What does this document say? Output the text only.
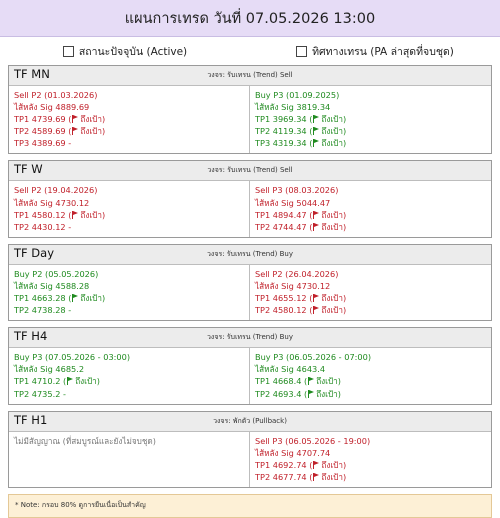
แผนการเทรด วันที่ 07.05.2026 13:00
สถานะปัจจุบัน (Active)	ทิศทางเทรน (PA ล่าสุดที่จบชุด)
TF MN	วงจร: รับเทรน (Trend) Sell
Sell P2 (01.03.2026)
ไส้หลัง Sig 4889.69
TP1 4739.69 ( ถึงเป้า)
TP2 4589.69 ( ถึงเป้า)
TP3 4389.69 -
Buy P3 (01.09.2025)
ไส้หลัง Sig 3819.34
TP1 3969.34 ( ถึงเป้า)
TP2 4119.34 ( ถึงเป้า)
TP3 4319.34 ( ถึงเป้า)
TF W	วงจร: รับเทรน (Trend) Sell
Sell P2 (19.04.2026)
ไส้หลัง Sig 4730.12
TP1 4580.12 ( ถึงเป้า)
TP2 4430.12 -
Sell P3 (08.03.2026)
ไส้หลัง Sig 5044.47
TP1 4894.47 ( ถึงเป้า)
TP2 4744.47 ( ถึงเป้า)
TF Day	วงจร: รับเทรน (Trend) Buy
Buy P2 (05.05.2026)
ไส้หลัง Sig 4588.28
TP1 4663.28 ( ถึงเป้า)
TP2 4738.28 -
Sell P2 (26.04.2026)
ไส้หลัง Sig 4730.12
TP1 4655.12 ( ถึงเป้า)
TP2 4580.12 ( ถึงเป้า)
TF H4	วงจร: รับเทรน (Trend) Buy
Buy P3 (07.05.2026 - 03:00)
ไส้หลัง Sig 4685.2
TP1 4710.2 ( ถึงเป้า)
TP2 4735.2 -
Buy P3 (06.05.2026 - 07:00)
ไส้หลัง Sig 4643.4
TP1 4668.4 ( ถึงเป้า)
TP2 4693.4 ( ถึงเป้า)
TF H1	วงจร: พักตัว (Pullback)
ไม่มีสัญญาณ (ที่สมบูรณ์และยังไม่จบชุด)	Sell P3 (06.05.2026 - 19:00)
ไส้หลัง Sig 4707.74
TP1 4692.74 ( ถึงเป้า)
TP2 4677.74 ( ถึงเป้า)
* Note: กรอบ 80% ดูการยืนเนื่อเป็นสำคัญ
